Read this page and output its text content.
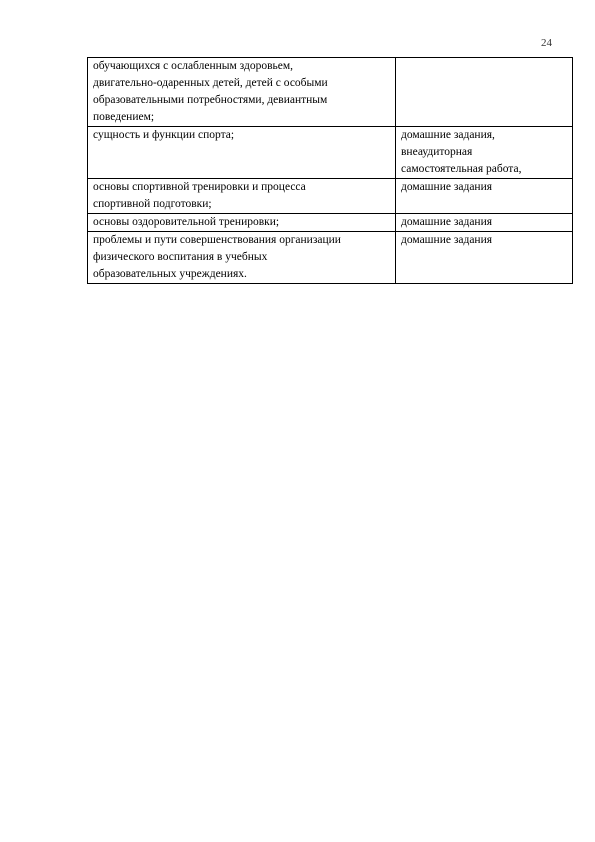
24
обучающихся с ослабленным здоровьем,
двигательно-одаренных детей, детей с особыми
образовательными потребностями, девиантным
поведением;	

сущность и функции спорта;	домашние задания,
внеаудиторная
самостоятельная работа,

основы спортивной тренировки и процесса
спортивной подготовки;	домашние задания

основы оздоровительной тренировки;	домашние задания

проблемы и пути совершенствования организации
физического воспитания в учебных
образовательных учреждениях.	домашние задания
